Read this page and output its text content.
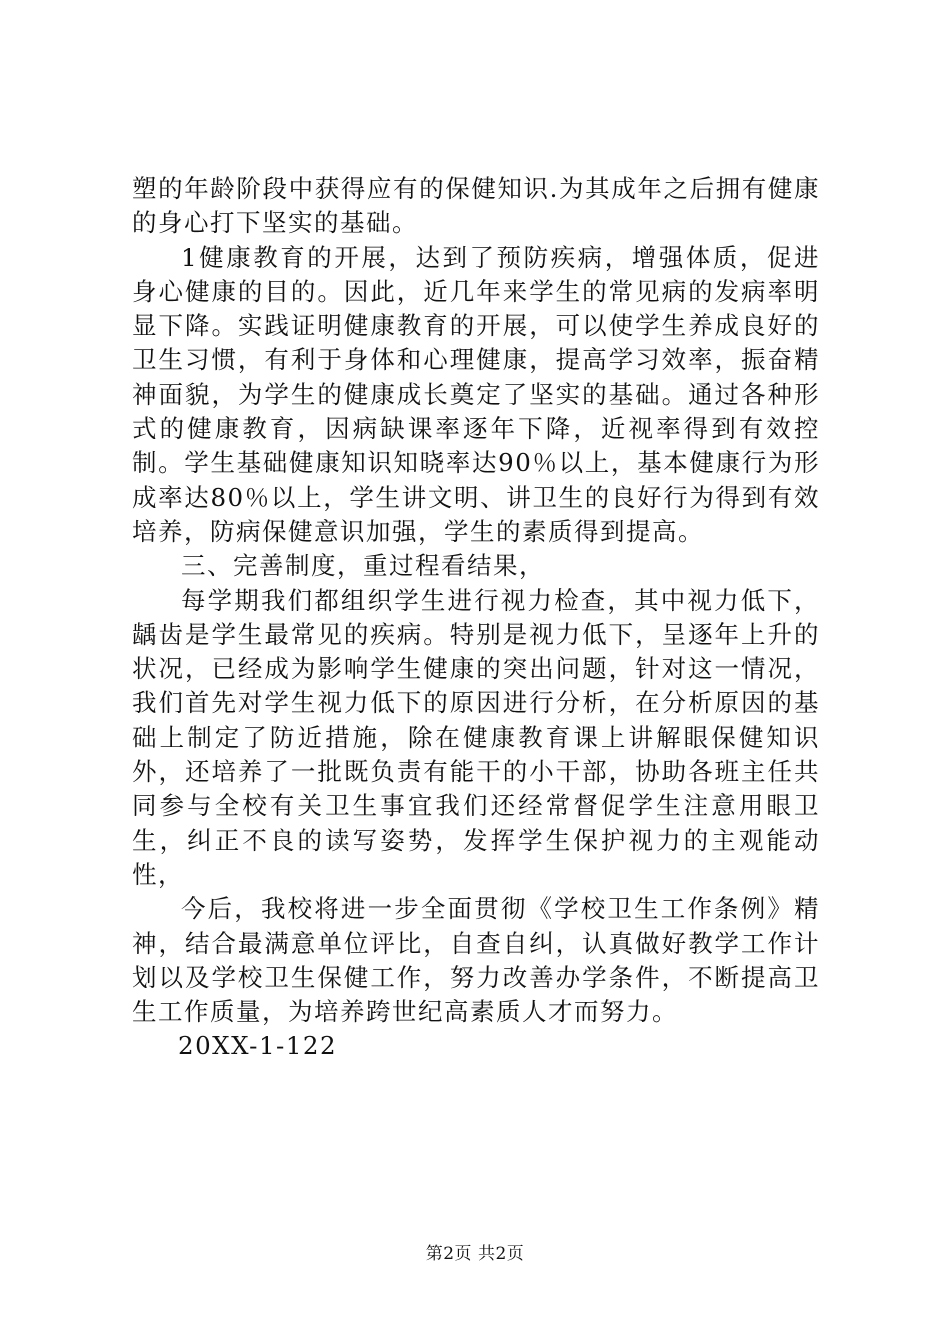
塑的年龄阶段中获得应有的保健知识.为其成年之后拥有健康的身心打下坚实的基础。

1健康教育的开展，达到了预防疾病，增强体质，促进身心健康的目的。因此，近几年来学生的常见病的发病率明显下降。实践证明健康教育的开展，可以使学生养成良好的卫生习惯，有利于身体和心理健康，提高学习效率，振奋精神面貌，为学生的健康成长奠定了坚实的基础。通过各种形式的健康教育，因病缺课率逐年下降，近视率得到有效控制。学生基础健康知识知晓率达90％以上，基本健康行为形成率达80％以上，学生讲文明、讲卫生的良好行为得到有效培养，防病保健意识加强，学生的素质得到提高。

三、完善制度，重过程看结果，

每学期我们都组织学生进行视力检查，其中视力低下，龋齿是学生最常见的疾病。特别是视力低下，呈逐年上升的状况，已经成为影响学生健康的突出问题，针对这一情况，我们首先对学生视力低下的原因进行分析，在分析原因的基础上制定了防近措施，除在健康教育课上讲解眼保健知识外，还培养了一批既负责有能干的小干部，协助各班主任共同参与全校有关卫生事宜我们还经常督促学生注意用眼卫生，纠正不良的读写姿势，发挥学生保护视力的主观能动性，

今后，我校将进一步全面贯彻《学校卫生工作条例》精神，结合最满意单位评比，自查自纠，认真做好教学工作计划以及学校卫生保健工作，努力改善办学条件，不断提高卫生工作质量，为培养跨世纪高素质人才而努力。

20XX-1-122

第2页 共2页
